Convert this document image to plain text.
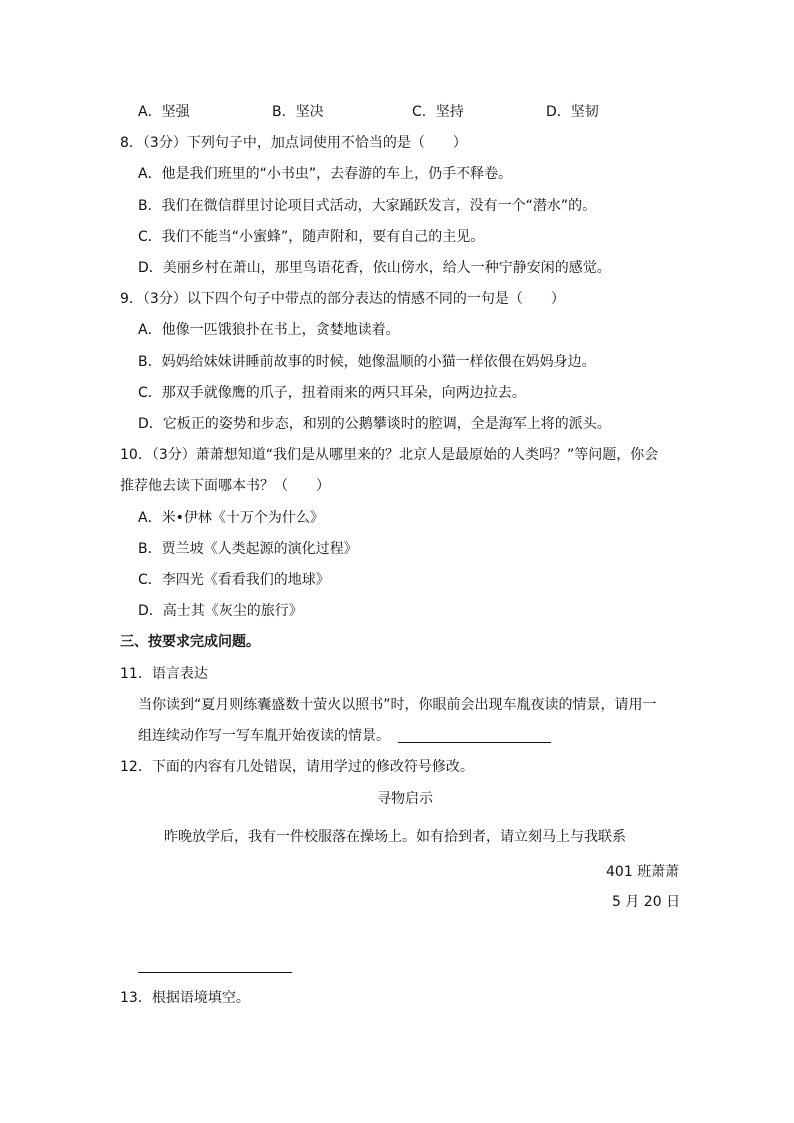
A．坚强	B．坚决	C．坚持	D．坚韧
8．（3分）下列句子中，加点词使用不恰当的是（　　）
A．他是我们班里的“小书虫”，去春游的车上，仍手不释卷。
B．我们在微信群里讨论项目式活动，大家踊跃发言，没有一个“潜水”的。
C．我们不能当“小蜜蜂”，随声附和，要有自己的主见。
D．美丽乡村在萧山，那里鸟语花香，依山傍水，给人一种宁静安闲的感觉。
9．（3分）以下四个句子中带点的部分表达的情感不同的一句是（　　）
A．他像一匹饿狼扑在书上，贪婪地读着。
B．妈妈给妹妹讲睡前故事的时候，她像温顺的小猫一样依偎在妈妈身边。
C．那双手就像鹰的爪子，扭着雨来的两只耳朵，向两边拉去。
D．它板正的姿势和步态，和别的公鹅攀谈时的腔调，全是海军上将的派头。
10．（3分）萧萧想知道“我们是从哪里来的？北京人是最原始的人类吗？”等问题，你会
推荐他去读下面哪本书？（　　）
A．米•伊林《十万个为什么》
B．贾兰坡《人类起源的演化过程》
C．李四光《看看我们的地球》
D．高士其《灰尘的旅行》
三、按要求完成问题。
11．语言表达
当你读到“夏月则练囊盛数十萤火以照书”时，你眼前会出现车胤夜读的情景，请用一
组连续动作写一写车胤开始夜读的情景。
12．下面的内容有几处错误，请用学过的修改符号修改。
寻物启示
昨晚放学后，我有一件校服落在操场上。如有拾到者，请立刻马上与我联系
401 班萧萧
5 月 20 日
13．根据语境填空。
